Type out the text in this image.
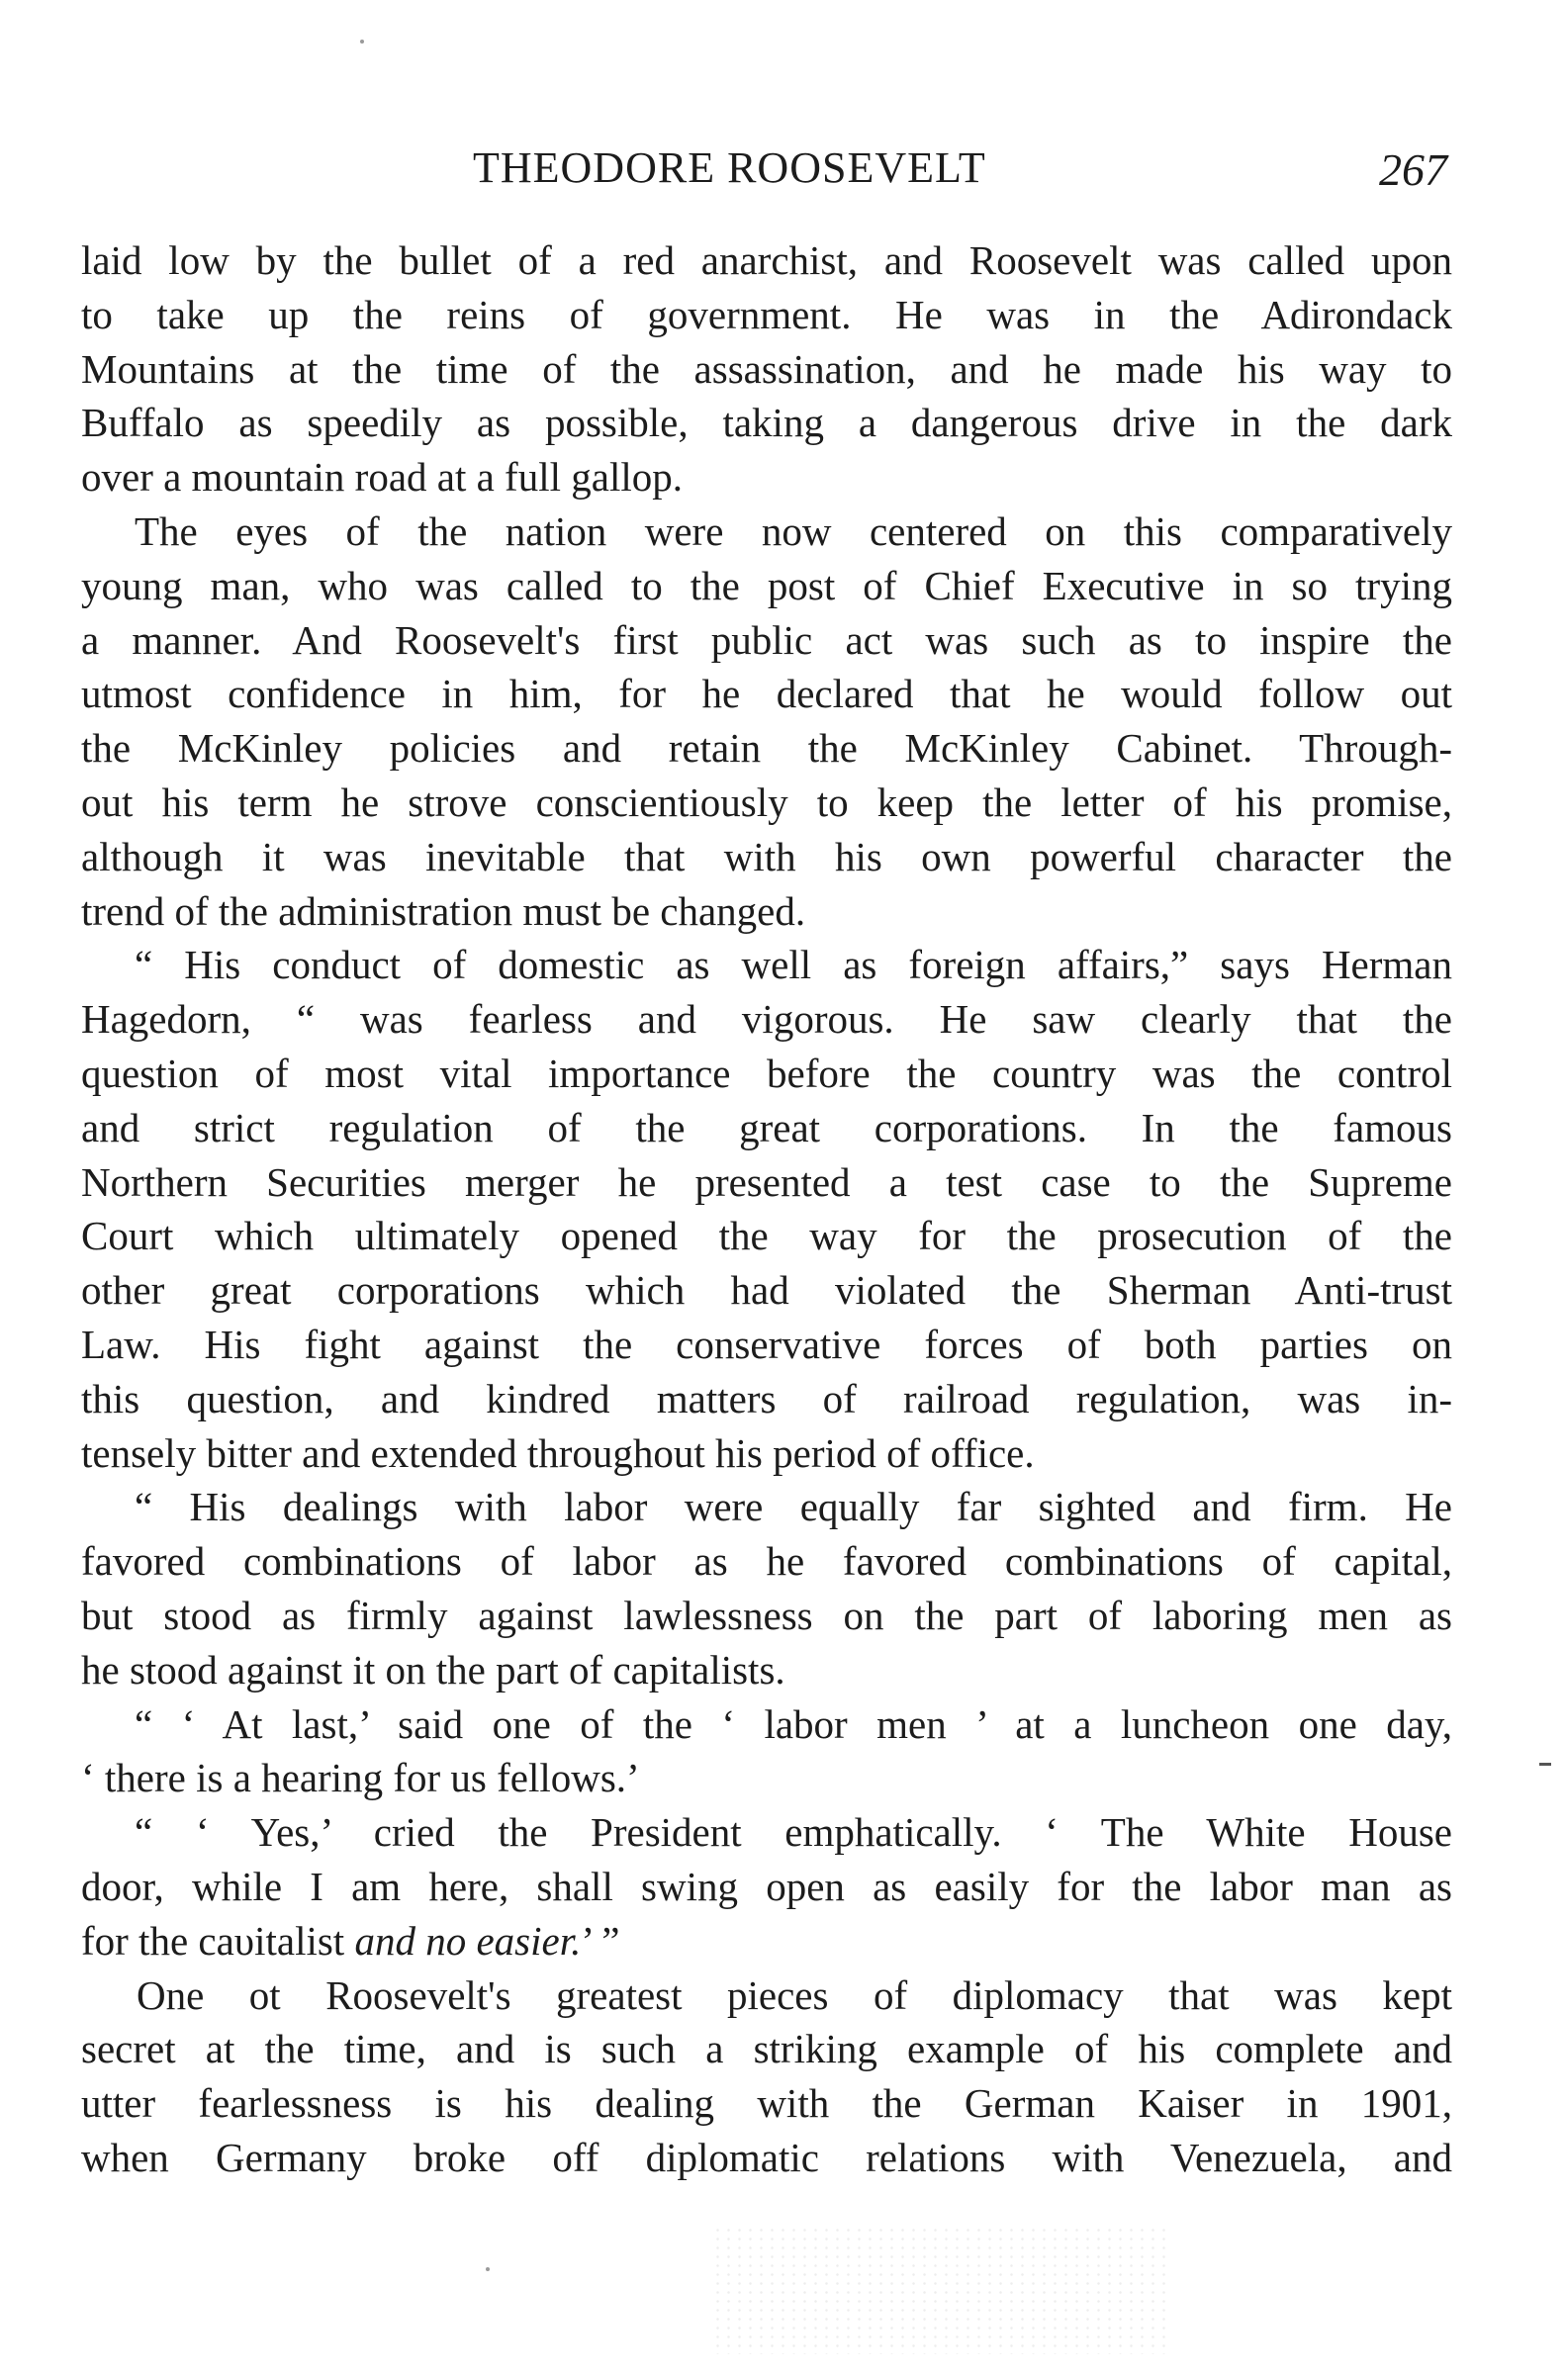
THEODORE ROOSEVELT	267
laid low by the bullet of a red anarchist, and Roosevelt was called upon
to take up the reins of government. He was in the Adirondack
Mountains at the time of the assassination, and he made his way to
Buffalo as speedily as possible, taking a dangerous drive in the dark
over a mountain road at a full gallop.
The eyes of the nation were now centered on this comparatively
young man, who was called to the post of Chief Executive in so trying
a manner. And Roosevelt's first public act was such as to inspire the
utmost confidence in him, for he declared that he would follow out
the McKinley policies and retain the McKinley Cabinet. Through-
out his term he strove conscientiously to keep the letter of his promise,
although it was inevitable that with his own powerful character the
trend of the administration must be changed.
“ His conduct of domestic as well as foreign affairs,” says Herman
Hagedorn, “ was fearless and vigorous. He saw clearly that the
question of most vital importance before the country was the control
and strict regulation of the great corporations. In the famous
Northern Securities merger he presented a test case to the Supreme
Court which ultimately opened the way for the prosecution of the
other great corporations which had violated the Sherman Anti-trust
Law. His fight against the conservative forces of both parties on
this question, and kindred matters of railroad regulation, was in-
tensely bitter and extended throughout his period of office.
“ His dealings with labor were equally far sighted and firm. He
favored combinations of labor as he favored combinations of capital,
but stood as firmly against lawlessness on the part of laboring men as
he stood against it on the part of capitalists.
“ ‘ At last,’ said one of the ‘ labor men ’ at a luncheon one day,
‘ there is a hearing for us fellows.’
“ ‘ Yes,’ cried the President emphatically. ‘ The White House
door, while I am here, shall swing open as easily for the labor man as
for the caυitalist and no easier.’ ”
One ot Roosevelt's greatest pieces of diplomacy that was kept
secret at the time, and is such a striking example of his complete and
utter fearlessness is his dealing with the German Kaiser in 1901,
when Germany broke off diplomatic relations with Venezuela, and
